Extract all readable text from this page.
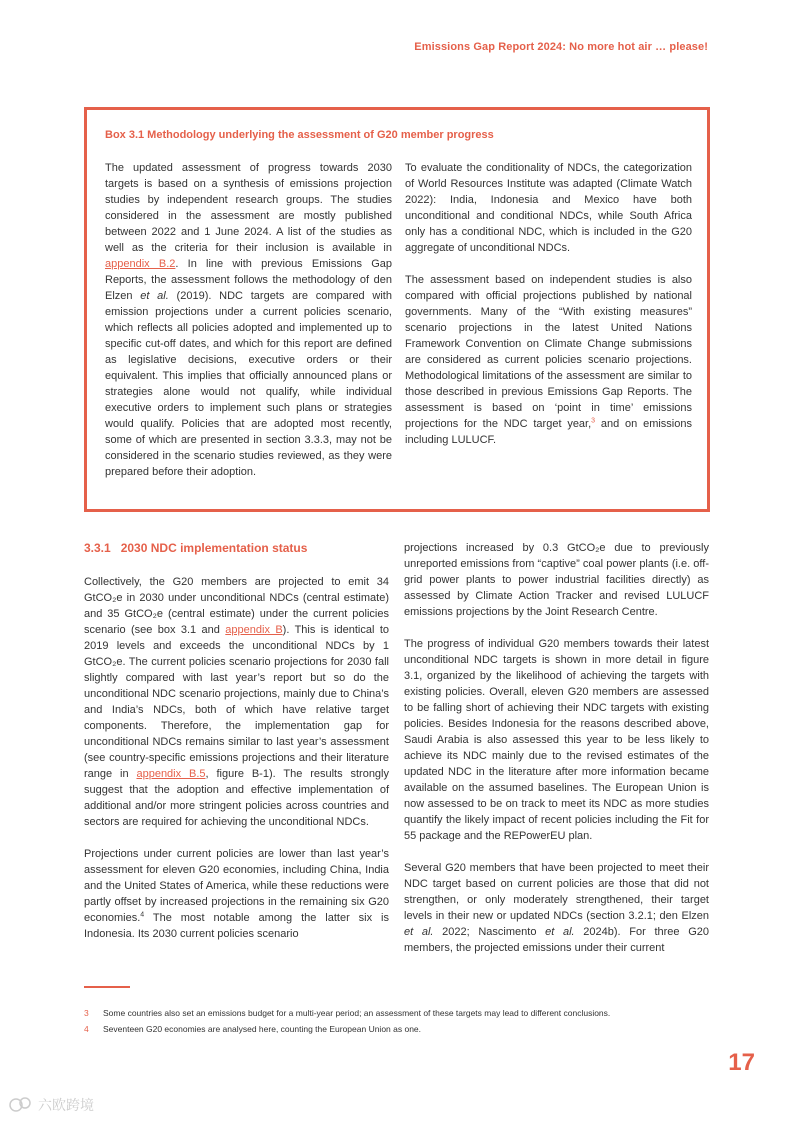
Emissions Gap Report 2024: No more hot air … please!
Box 3.1 Methodology underlying the assessment of G20 member progress

The updated assessment of progress towards 2030 targets is based on a synthesis of emissions projection studies by independent research groups. The studies considered in the assessment are mostly published between 2022 and 1 June 2024. A list of the studies as well as the criteria for their inclusion is available in appendix B.2. In line with previous Emissions Gap Reports, the assessment follows the methodology of den Elzen et al. (2019). NDC targets are compared with emission projections under a current policies scenario, which reflects all policies adopted and implemented up to specific cut-off dates, and which for this report are defined as legislative decisions, executive orders or their equivalent. This implies that officially announced plans or strategies alone would not qualify, while individual executive orders to implement such plans or strategies would qualify. Policies that are adopted most recently, some of which are presented in section 3.3.3, may not be considered in the scenario studies reviewed, as they were prepared before their adoption.

To evaluate the conditionality of NDCs, the categorization of World Resources Institute was adapted (Climate Watch 2022): India, Indonesia and Mexico have both unconditional and conditional NDCs, while South Africa only has a conditional NDC, which is included in the G20 aggregate of unconditional NDCs.

The assessment based on independent studies is also compared with official projections published by national governments. Many of the “With existing measures” scenario projections in the latest United Nations Framework Convention on Climate Change submissions are considered as current policies scenario projections. Methodological limitations of the assessment are similar to those described in previous Emissions Gap Reports. The assessment is based on ‘point in time’ emissions projections for the NDC target year,$^3$ and on emissions including LULUCF.

3.3.1 2030 NDC implementation status

Collectively, the G20 members are projected to emit 34 GtCO₂e in 2030 under unconditional NDCs (central estimate) and 35 GtCO₂e (central estimate) under the current policies scenario (see box 3.1 and appendix B). This is identical to 2019 levels and exceeds the unconditional NDCs by 1 GtCO₂e. The current policies scenario projections for 2030 fall slightly compared with last year’s report but so do the unconditional NDC scenario projections, mainly due to China’s and India’s NDCs, both of which have relative target components. Therefore, the implementation gap for unconditional NDCs remains similar to last year’s assessment (see country-specific emissions projections and their literature range in appendix B.5, figure B-1). The results strongly suggest that the adoption and effective implementation of additional and/or more stringent policies across countries and sectors are required for achieving the unconditional NDCs.

Projections under current policies are lower than last year’s assessment for eleven G20 economies, including China, India and the United States of America, while these reductions were partly offset by increased projections in the remaining six G20 economies.$^4$ The most notable among the latter six is Indonesia. Its 2030 current policies scenario

projections increased by 0.3 GtCO₂e due to previously unreported emissions from “captive” coal power plants (i.e. off-grid power plants to power industrial facilities directly) as assessed by Climate Action Tracker and revised LULUCF emissions projections by the Joint Research Centre.

The progress of individual G20 members towards their latest unconditional NDC targets is shown in more detail in figure 3.1, organized by the likelihood of achieving the targets with existing policies. Overall, eleven G20 members are assessed to be falling short of achieving their NDC targets with existing policies. Besides Indonesia for the reasons described above, Saudi Arabia is also assessed this year to be less likely to achieve its NDC mainly due to the revised estimates of the updated NDC in the literature after more information became available on the assumed baselines. The European Union is now assessed to be on track to meet its NDC as more studies quantify the likely impact of recent policies including the Fit for 55 package and the REPowerEU plan.

Several G20 members that have been projected to meet their NDC target based on current policies are those that did not strengthen, or only moderately strengthened, their target levels in their new or updated NDCs (section 3.2.1; den Elzen et al. 2022; Nascimento et al. 2024b). For three G20 members, the projected emissions under their current

3	Some countries also set an emissions budget for a multi-year period; an assessment of these targets may lead to different conclusions.
4	Seventeen G20 economies are analysed here, counting the European Union as one.
17
六欧跨境
